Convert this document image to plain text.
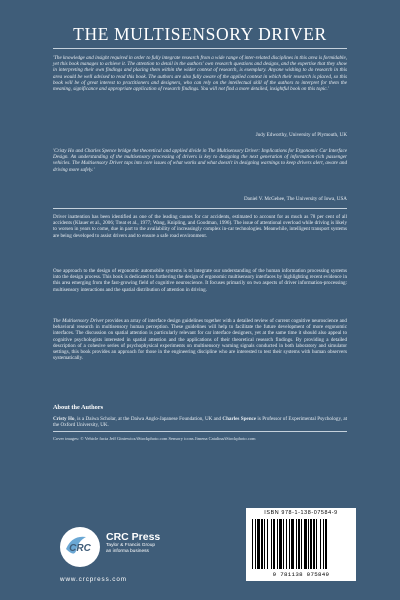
THE MULTISENSORY DRIVER
'The knowledge and insight required in order to fully integrate research from a wide range of inter-related disciplines in this area is formidable, yet this book manages to achieve it. The attention to detail in the authors' own research questions and designs, and the expertise that they show in interpreting their own findings and placing them within the wider context of research, is exemplary. Anyone wishing to do research in this area would be well advised to read this book. The authors are also fully aware of the applied context in which their research is placed, so this book will be of great interest to practitioners and designers, who can rely on the intellectual skill of the authors to interpret for them the meaning, significance and appropriate application of research findings. You will not find a more detailed, insightful book on this topic.'
Judy Edworthy, University of Plymouth, UK
'Cristy Ho and Charles Spence bridge the theoretical and applied divide in The Multisensory Driver: Implications for Ergonomic Car Interface Design. An understanding of the multisensory processing of drivers is key to designing the next generation of information-rich passenger vehicles. The Multisensory Driver taps into core issues of what works and what doesn't in designing warnings to keep drivers alert, aware and driving more safely.'
Daniel V. McGehee, The University of Iowa, USA
Driver inattention has been identified as one of the leading causes for car accidents, estimated to account for as much as 78 per cent of all accidents (Klauer et al., 2006; Treat et al., 1977; Wang, Knipling, and Goodman, 1996). The issue of attentional overload while driving is likely to worsen in years to come, due in part to the availability of increasingly complex in-car technologies. Meanwhile, intelligent transport systems are being developed to assist drivers and to ensure a safe road environment.
One approach to the design of ergonomic automobile systems is to integrate our understanding of the human information processing systems into the design process. This book is dedicated to furthering the design of ergonomic multisensory interfaces by highlighting recent evidence in this area emerging from the fast-growing field of cognitive neuroscience. It focuses primarily on two aspects of driver information-processing: multisensory interactions and the spatial distribution of attention in driving.
The Multisensory Driver provides an array of interface design guidelines together with a detailed review of current cognitive neuroscience and behavioral research in multisensory human perception. These guidelines will help to facilitate the future development of more ergonomic interfaces. The discussion on spatial attention is particularly relevant for car interface designers, yet at the same time it should also appeal to cognitive psychologists interested in spatial attention and the applications of their theoretical research findings. By providing a detailed description of a cohesive series of psychophysical experiments on multisensory warning signals conducted in both laboratory and simulator settings, this book provides an approach for those in the engineering discipline who are interested to test their systems with human observers systematically.
About the Authors
Cristy Ho, is a Daiwa Scholar, at the Daiwa Anglo-Japanese Foundation, UK and Charles Spence is Professor of Experimental Psychology, at the Oxford University, UK.
Cover images: © Vehicle facia Jeff Giniewicz/iStockphoto.com Sensory icons Jimena Catalina/iStockphoto.com
CRC
CRC Press
Taylor & Francis Group
an informa business
www.crcpress.com
ISBN 978-1-138-07584-9
9 781138 075849
